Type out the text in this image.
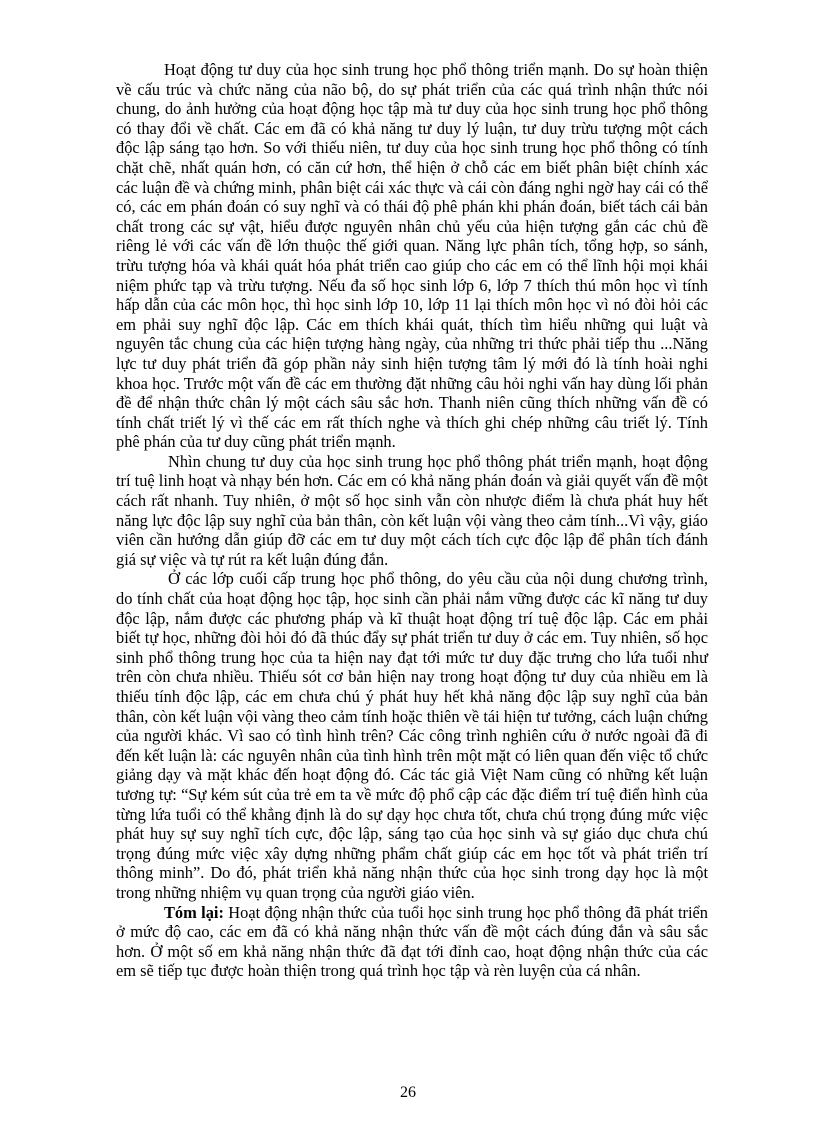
Hoạt động tư duy của học sinh trung học phổ thông triển mạnh. Do sự hoàn thiện về cấu trúc và chức năng của não bộ, do sự phát triển của các quá trình nhận thức nói chung, do ảnh hưởng của hoạt động học tập mà tư duy của học sinh trung học phổ thông có thay đổi về chất. Các em đã có khả năng tư duy lý luận, tư duy trừu tượng một cách độc lập sáng tạo hơn. So với thiếu niên, tư duy của học sinh trung học phổ thông có tính chặt chẽ, nhất quán hơn, có căn cứ hơn, thể hiện ở chỗ các em biết phân biệt chính xác các luận đề và chứng minh, phân biệt cái xác thực và cái còn đáng nghi ngờ hay cái có thể có, các em phán đoán có suy nghĩ và có thái độ phê phán khi phán đoán, biết tách cái bản chất trong các sự vật, hiểu được nguyên nhân chủ yếu của hiện tượng gắn các chủ đề riêng lẻ với các vấn đề lớn thuộc thế giới quan. Năng lực phân tích, tổng hợp, so sánh, trừu tượng hóa và khái quát hóa phát triển cao giúp cho các em có thể lĩnh hội mọi khái niệm phức tạp và trừu tượng. Nếu đa số học sinh lớp 6, lớp 7 thích thú môn học vì tính hấp dẫn của các môn học, thì học sinh lớp 10, lớp 11 lại thích môn học vì nó đòi hỏi các em phải suy nghĩ độc lập. Các em thích khái quát, thích tìm hiểu những qui luật và nguyên tắc chung của các hiện tượng hàng ngày, của những tri thức phải tiếp thu ...Năng lực tư duy phát triển đã góp phần nảy sinh hiện tượng tâm lý mới đó là tính hoài nghi khoa học. Trước một vấn đề các em thường đặt những câu hỏi nghi vấn hay dùng lối phản đề để nhận thức chân lý một cách sâu sắc hơn. Thanh niên cũng thích những vấn đề có tính chất triết lý vì thế các em rất thích nghe và thích ghi chép những câu triết lý. Tính phê phán của tư duy cũng phát triển mạnh.

Nhìn chung tư duy của học sinh trung học phổ thông phát triển mạnh, hoạt động trí tuệ linh hoạt và nhạy bén hơn. Các em có khả năng phán đoán và giải quyết vấn đề một cách rất nhanh. Tuy nhiên, ở một số học sinh vẫn còn nhược điểm là chưa phát huy hết năng lực độc lập suy nghĩ của bản thân, còn kết luận vội vàng theo cảm tính...Vì vậy, giáo viên cần hướng dẫn giúp đỡ các em tư duy một cách tích cực độc lập để phân tích đánh giá sự việc và tự rút ra kết luận đúng đắn.

Ở các lớp cuối cấp trung học phổ thông, do yêu cầu của nội dung chương trình, do tính chất của hoạt động học tập, học sinh cần phải nắm vững được các kĩ năng tư duy độc lập, nắm được các phương pháp và kĩ thuật hoạt động trí tuệ độc lập. Các em phải biết tự học, những đòi hỏi đó đã thúc đẩy sự phát triển tư duy ở các em. Tuy nhiên, số học sinh phổ thông trung học của ta hiện nay đạt tới mức tư duy đặc trưng cho lứa tuổi như trên còn chưa nhiều. Thiếu sót cơ bản hiện nay trong hoạt động tư duy của nhiều em là thiếu tính độc lập, các em chưa chú ý phát huy hết khả năng độc lập suy nghĩ của bản thân, còn kết luận vội vàng theo cảm tính hoặc thiên về tái hiện tư tưởng, cách luận chứng của người khác. Vì sao có tình hình trên? Các công trình nghiên cứu ở nước ngoài đã đi đến kết luận là: các nguyên nhân của tình hình trên một mặt có liên quan đến việc tổ chức giảng dạy và mặt khác đến hoạt động đó. Các tác giả Việt Nam cũng có những kết luận tương tự: “Sự kém sút của trẻ em ta về mức độ phổ cập các đặc điểm trí tuệ điển hình của từng lứa tuổi có thể khẳng định là do sự dạy học chưa tốt, chưa chú trọng đúng mức việc phát huy sự suy nghĩ tích cực, độc lập, sáng tạo của học sinh và sự giáo dục chưa chú trọng đúng mức việc xây dựng những phẩm chất giúp các em học tốt và phát triển trí thông minh”. Do đó, phát triển khả năng nhận thức của học sinh trong dạy học là một trong những nhiệm vụ quan trọng của người giáo viên.

Tóm lại: Hoạt động nhận thức của tuổi học sinh trung học phổ thông đã phát triển ở mức độ cao, các em đã có khả năng nhận thức vấn đề một cách đúng đắn và sâu sắc hơn. Ở một số em khả năng nhận thức đã đạt tới đỉnh cao, hoạt động nhận thức của các em sẽ tiếp tục được hoàn thiện trong quá trình học tập và rèn luyện của cá nhân.

26
